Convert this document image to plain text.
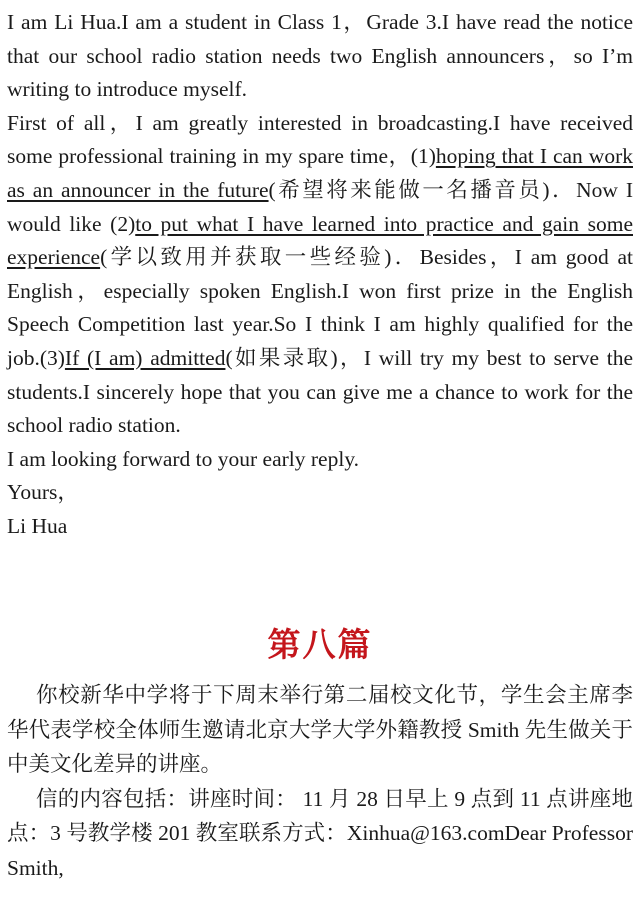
I am Li Hua.I am a student in Class 1，Grade 3.I have read the notice that our school radio station needs two English announcers，so I’m writing to introduce myself.

First of all，I am greatly interested in broadcasting.I have received some professional training in my spare time，(1)hoping that I can work as an announcer in the future(希望将来能做一名播音员)．Now I would like (2)to put what I have learned into practice and gain some experience(学以致用并获取一些经验)．Besides，I am good at English，especially spoken English.I won first prize in the English Speech Competition last year.So I think I am highly qualified for the job.(3)If (I am) admitted(如果录取)，I will try my best to serve the students.I sincerely hope that you can give me a chance to work for the school radio station.

I am looking forward to your early reply.

Yours，

Li Hua

第八篇

你校新华中学将于下周末举行第二届校文化节，学生会主席李华代表学校全体师生邀请北京大学大学外籍教授 Smith 先生做关于中美文化差异的讲座。

信的内容包括：讲座时间： 11 月 28 日早上 9 点到 11 点讲座地点：3 号教学楼 201 教室联系方式：Xinhua@163.comDear Professor Smith,
